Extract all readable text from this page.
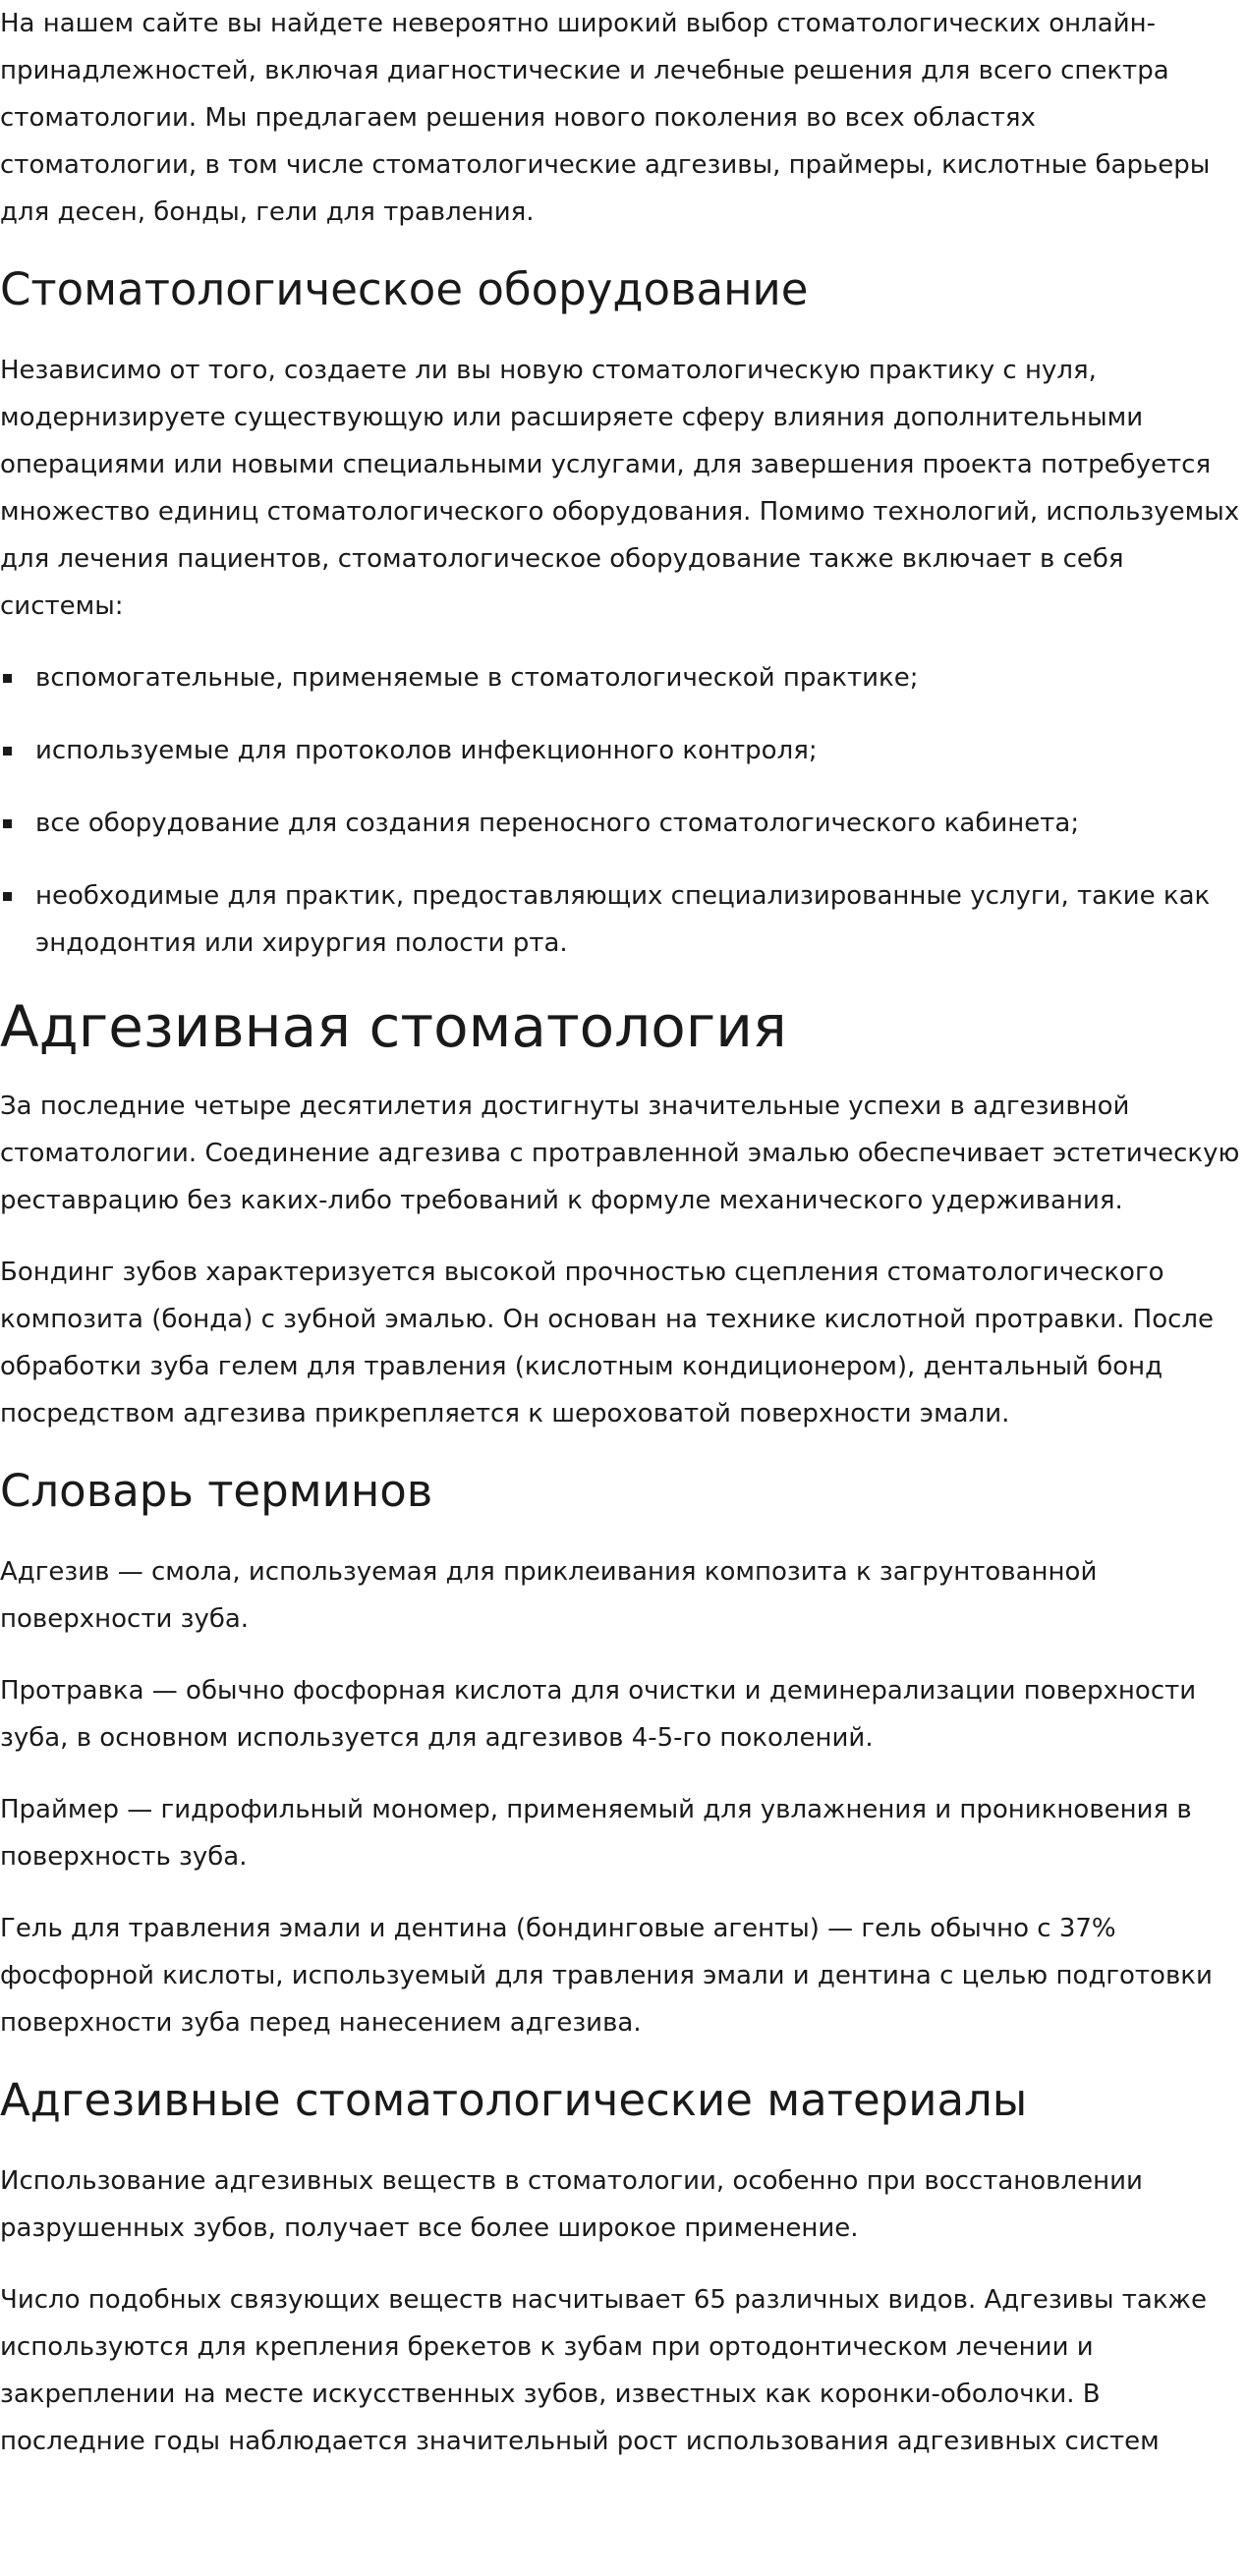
На нашем сайте вы найдете невероятно широкий выбор стоматологических онлайн-принадлежностей, включая диагностические и лечебные решения для всего спектра стоматологии. Мы предлагаем решения нового поколения во всех областях стоматологии, в том числе стоматологические адгезивы, праймеры, кислотные барьеры для десен, бонды, гели для травления.

Стоматологическое оборудование

Независимо от того, создаете ли вы новую стоматологическую практику с нуля, модернизируете существующую или расширяете сферу влияния дополнительными операциями или новыми специальными услугами, для завершения проекта потребуется множество единиц стоматологического оборудования. Помимо технологий, используемых для лечения пациентов, стоматологическое оборудование также включает в себя системы:

вспомогательные, применяемые в стоматологической практике;
используемые для протоколов инфекционного контроля;
все оборудование для создания переносного стоматологического кабинета;
необходимые для практик, предоставляющих специализированные услуги, такие как эндодонтия или хирургия полости рта.
Адгезивная стоматология

За последние четыре десятилетия достигнуты значительные успехи в адгезивной стоматологии. Соединение адгезива с протравленной эмалью обеспечивает эстетическую реставрацию без каких-либо требований к формуле механического удерживания.

Бондинг зубов характеризуется высокой прочностью сцепления стоматологического композита (бонда) с зубной эмалью. Он основан на технике кислотной протравки. После обработки зуба гелем для травления (кислотным кондиционером), дентальный бонд посредством адгезива прикрепляется к шероховатой поверхности эмали.

Словарь терминов

Адгезив — смола, используемая для приклеивания композита к загрунтованной поверхности зуба.

Протравка — обычно фосфорная кислота для очистки и деминерализации поверхности зуба, в основном используется для адгезивов 4-5-го поколений.

Праймер — гидрофильный мономер, применяемый для увлажнения и проникновения в поверхность зуба.

Гель для травления эмали и дентина (бондинговые агенты) — гель обычно с 37% фосфорной кислоты, используемый для травления эмали и дентина с целью подготовки поверхности зуба перед нанесением адгезива.

Адгезивные стоматологические материалы

Использование адгезивных веществ в стоматологии, особенно при восстановлении разрушенных зубов, получает все более широкое применение.

Число подобных связующих веществ насчитывает 65 различных видов. Адгезивы также используются для крепления брекетов к зубам при ортодонтическом лечении и закреплении на месте искусственных зубов, известных как коронки-оболочки. В последние годы наблюдается значительный рост использования адгезивных систем
